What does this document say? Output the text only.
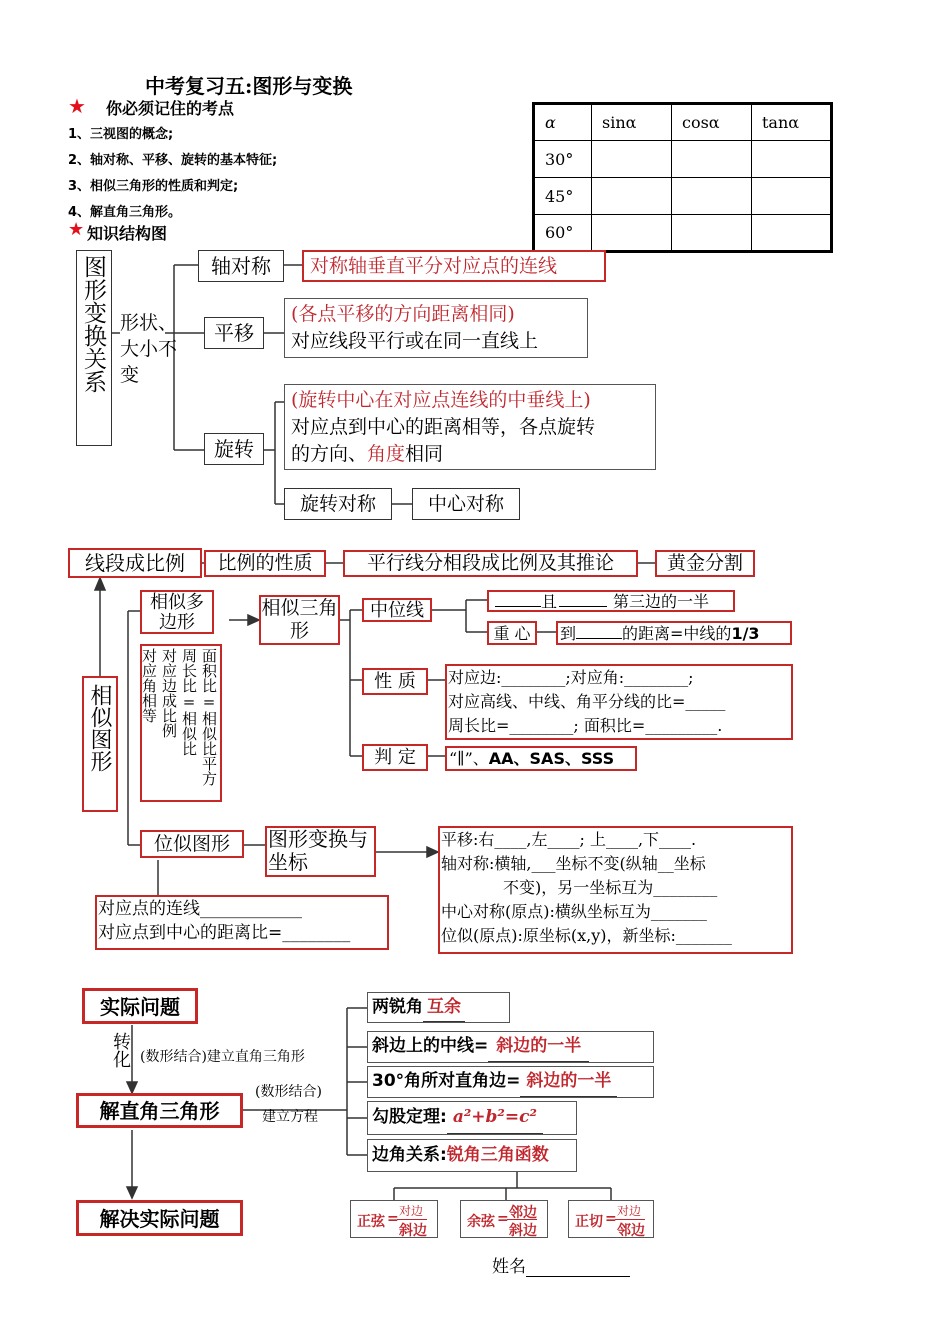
中考复习五:图形与变换
★ 你必须记住的考点
1、三视图的概念;
2、轴对称、平移、旋转的基本特征;
3、相似三角形的性质和判定;
4、解直角三角形。
★ 知识结构图
α	sinα	cosα	tanα
30°			
45°			
60°			
图形变换关系 形状、大小不变
轴对称	对称轴垂直平分对应点的连线
平移
(各点平移的方向距离相同)
对应线段平行或在同一直线上
旋转
(旋转中心在对应点连线的中垂线上)
对应点到中心的距离相等，各点旋转
的方向、角度相同
旋转对称	中心对称
线段成比例	比例的性质	平行线分相段成比例及其推论	黄金分割
相似图形
相似多边形
对应角相等 对应边成比例 周长比=相似比 面积比=相似比平方
相似三角形
中位线	且	第三边的一半
重 心	到	的距离=中线的1/3
性 质	对应边:________;对应角:________;
对应高线、中线、角平分线的比=_____
周长比=________; 面积比=_________.
判 定	“∥”、AA、SAS、SSS
位似图形	图形变换与坐标
平移:右____,左____; 上____,下____.
轴对称:横轴,___坐标不变(纵轴__坐标
不变)，另一坐标互为________
中心对称(原点):横纵坐标互为_______
位似(原点):原坐标(x,y)，新坐标:_______
对应点的连线____________
对应点到中心的距离比=________
实际问题
转化 (数形结合)建立直角三角形
解直角三角形
(数形结合)
建立方程
解决实际问题
两锐角 互余
斜边上的中线= 斜边的一半
30°角所对直角边= 斜边的一半
勾股定理: a²+b²=c²
边角关系:锐角三角函数
正弦 = 对边
斜边
余弦 = 邻边
斜边
正切 = 对边
邻边
姓名
